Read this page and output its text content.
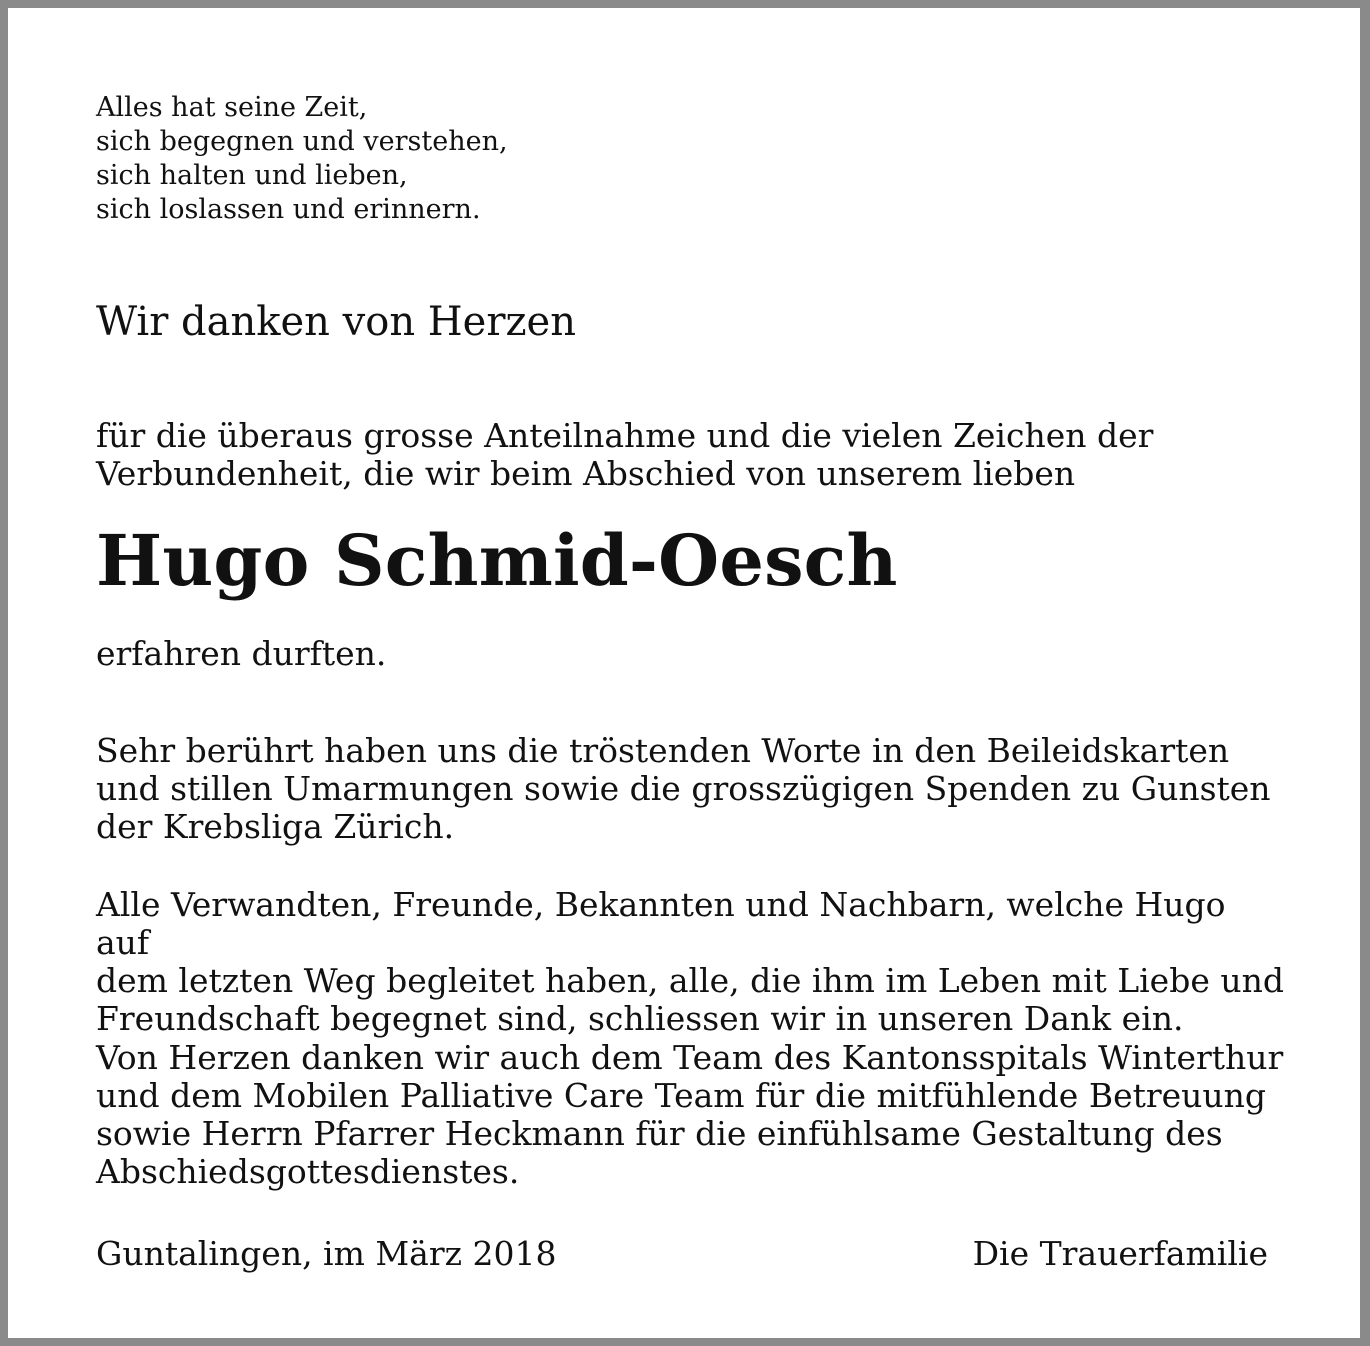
Alles hat seine Zeit,
sich begegnen und verstehen,
sich halten und lieben,
sich loslassen und erinnern.

Wir danken von Herzen

für die überaus grosse Anteilnahme und die vielen Zeichen der
Verbundenheit, die wir beim Abschied von unserem lieben

Hugo Schmid-Oesch

erfahren durften.

Sehr berührt haben uns die tröstenden Worte in den Beileidskarten
und stillen Umarmungen sowie die grosszügigen Spenden zu Gunsten
der Krebsliga Zürich.

Alle Verwandten, Freunde, Bekannten und Nachbarn, welche Hugo auf
dem letzten Weg begleitet haben, alle, die ihm im Leben mit Liebe und
Freundschaft begegnet sind, schliessen wir in unseren Dank ein.

Von Herzen danken wir auch dem Team des Kantonsspitals Winterthur
und dem Mobilen Palliative Care Team für die mitfühlende Betreuung
sowie Herrn Pfarrer Heckmann für die einfühlsame Gestaltung des
Abschiedsgottesdienstes.

Guntalingen, im März 2018	Die Trauerfamilie
